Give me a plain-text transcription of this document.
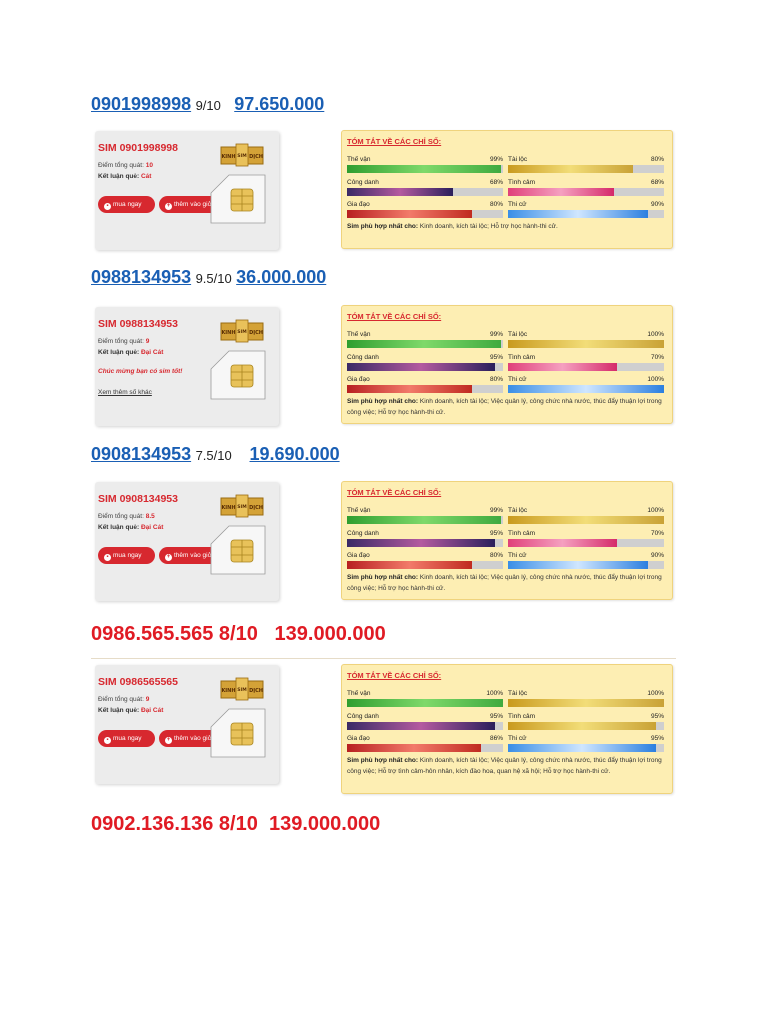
0901998998 9/10 97.650.000
SIM 0901998998
Điểm tổng quát: 10
Kết luận quẻ: Cát
▪ mua ngay	+ thêm vào giỏ
KINH SIM DỊCH
TÓM TẮT VỀ CÁC CHỈ SỐ:
Thế vận	99% Tài lộc	80%
Công danh	68% Tình cảm	68%
Gia đạo	80% Thi cử	90%
Sim phù hợp nhất cho: Kinh doanh, kích tài lộc; Hỗ trợ học hành-thi cử.
0988134953 9.5/10 36.000.000
SIM 0988134953
Điểm tổng quát: 9
Kết luận quẻ: Đại Cát
Chúc mừng bạn có sim tốt!
Xem thêm số khác
KINH SIM DỊCH
TÓM TẮT VỀ CÁC CHỈ SỐ:
Thế vận	99% Tài lộc	100%
Công danh	95% Tình cảm	70%
Gia đạo	80% Thi cử	100%
Sim phù hợp nhất cho: Kinh doanh, kích tài lộc; Việc quản lý, công chức nhà nước, thúc đẩy thuận lợi trong công việc; Hỗ trợ học hành-thi cử.
0908134953 7.5/10 19.690.000
SIM 0908134953
Điểm tổng quát: 8.5
Kết luận quẻ: Đại Cát
▪ mua ngay	+ thêm vào giỏ
KINH SIM DỊCH
TÓM TẮT VỀ CÁC CHỈ SỐ:
Thế vận	99% Tài lộc	100%
Công danh	95% Tình cảm	70%
Gia đạo	80% Thi cử	90%
Sim phù hợp nhất cho: Kinh doanh, kích tài lộc; Việc quản lý, công chức nhà nước, thúc đẩy thuận lợi trong công việc; Hỗ trợ học hành-thi cử.
0986.565.565 8/10 139.000.000
SIM 0986565565
Điểm tổng quát: 9
Kết luận quẻ: Đại Cát
▪ mua ngay	+ thêm vào giỏ
KINH SIM DỊCH
TÓM TẮT VỀ CÁC CHỈ SỐ:
Thế vận	100% Tài lộc	100%
Công danh	95% Tình cảm	95%
Gia đạo	86% Thi cử	95%
Sim phù hợp nhất cho: Kinh doanh, kích tài lộc; Việc quản lý, công chức nhà nước, thúc đẩy thuận lợi trong công việc; Hỗ trợ tình cảm-hôn nhân, kích đào hoa, quan hệ xã hội; Hỗ trợ học hành-thi cử.
0902.136.136 8/10 139.000.000
